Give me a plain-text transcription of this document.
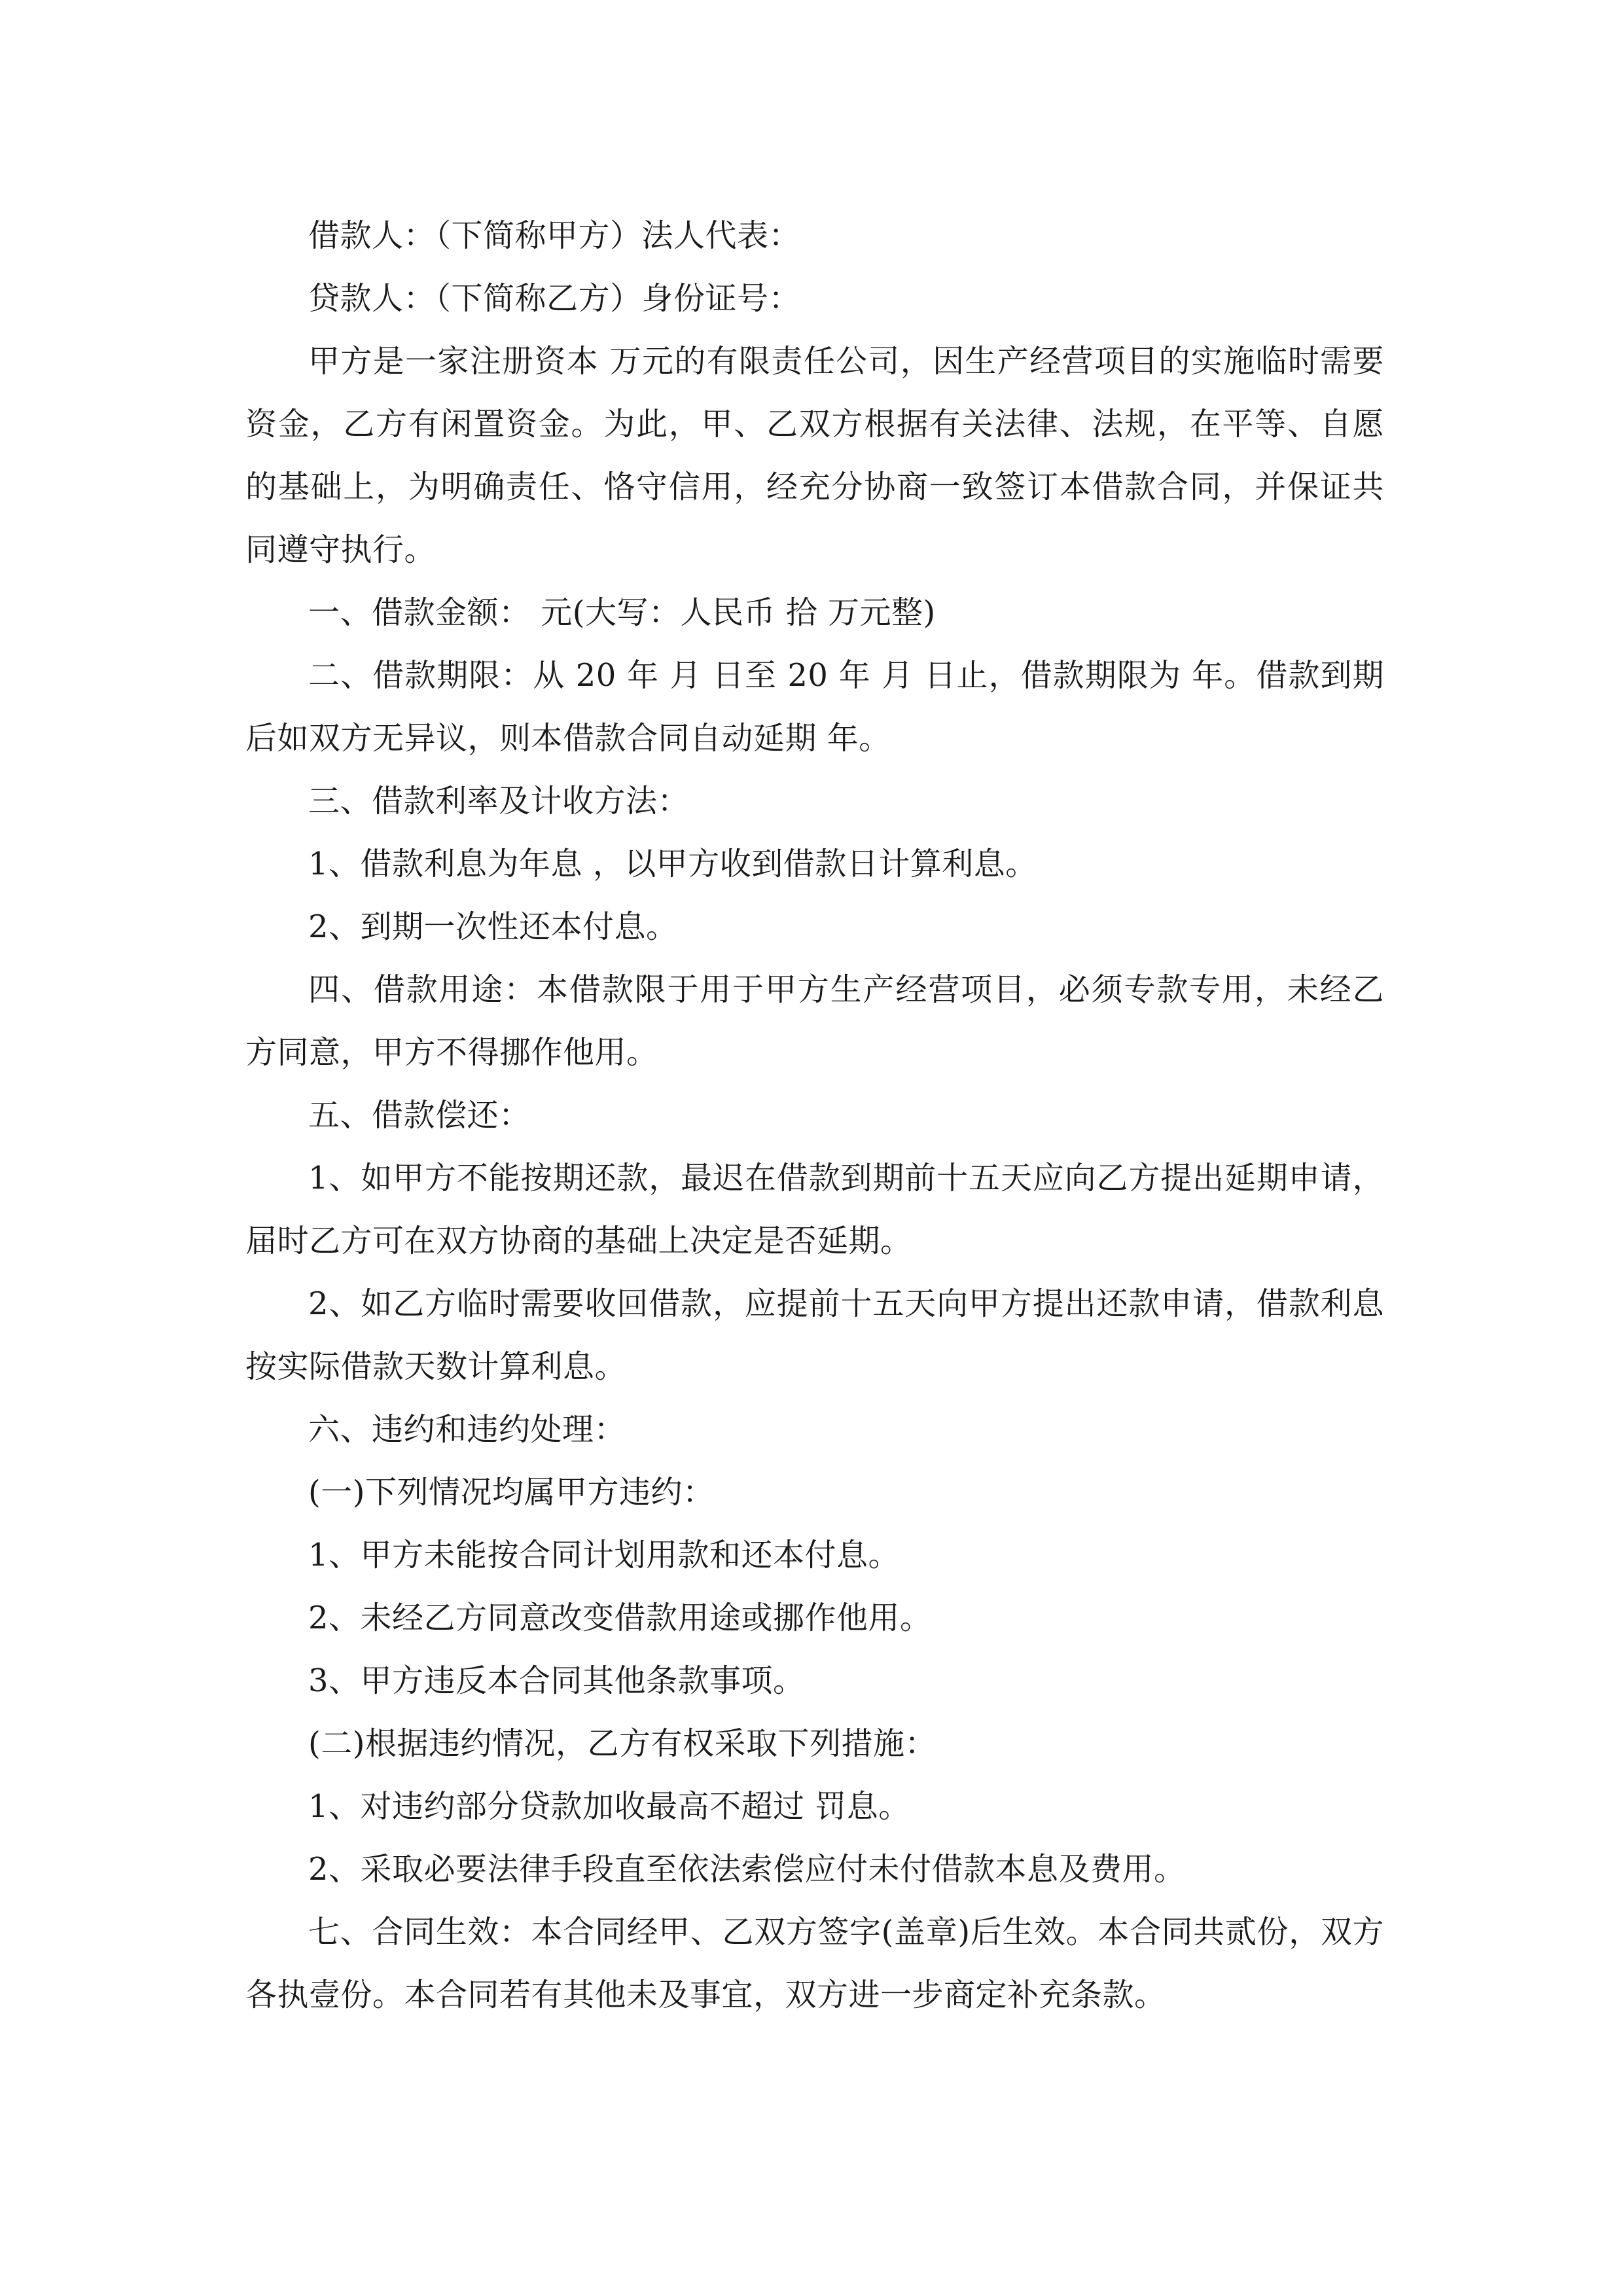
借款人：（下简称甲方）法人代表：

贷款人：（下简称乙方）身份证号：

甲方是一家注册资本 万元的有限责任公司，因生产经营项目的实施临时需要资金，乙方有闲置资金。为此，甲、乙双方根据有关法律、法规，在平等、自愿的基础上，为明确责任、恪守信用，经充分协商一致签订本借款合同，并保证共同遵守执行。

一、借款金额： 元(大写：人民币 拾 万元整)

二、借款期限：从 20 年 月 日至 20 年 月 日止，借款期限为 年。借款到期后如双方无异议，则本借款合同自动延期 年。

三、借款利率及计收方法：

1、借款利息为年息 ，以甲方收到借款日计算利息。

2、到期一次性还本付息。

四、借款用途：本借款限于用于甲方生产经营项目，必须专款专用，未经乙方同意，甲方不得挪作他用。

五、借款偿还：

1、如甲方不能按期还款，最迟在借款到期前十五天应向乙方提出延期申请，届时乙方可在双方协商的基础上决定是否延期。

2、如乙方临时需要收回借款，应提前十五天向甲方提出还款申请，借款利息按实际借款天数计算利息。

六、违约和违约处理：

(一)下列情况均属甲方违约：

1、甲方未能按合同计划用款和还本付息。

2、未经乙方同意改变借款用途或挪作他用。

3、甲方违反本合同其他条款事项。

(二)根据违约情况，乙方有权采取下列措施：

1、对违约部分贷款加收最高不超过 罚息。

2、采取必要法律手段直至依法索偿应付未付借款本息及费用。

七、合同生效：本合同经甲、乙双方签字(盖章)后生效。本合同共贰份，双方各执壹份。本合同若有其他未及事宜，双方进一步商定补充条款。
